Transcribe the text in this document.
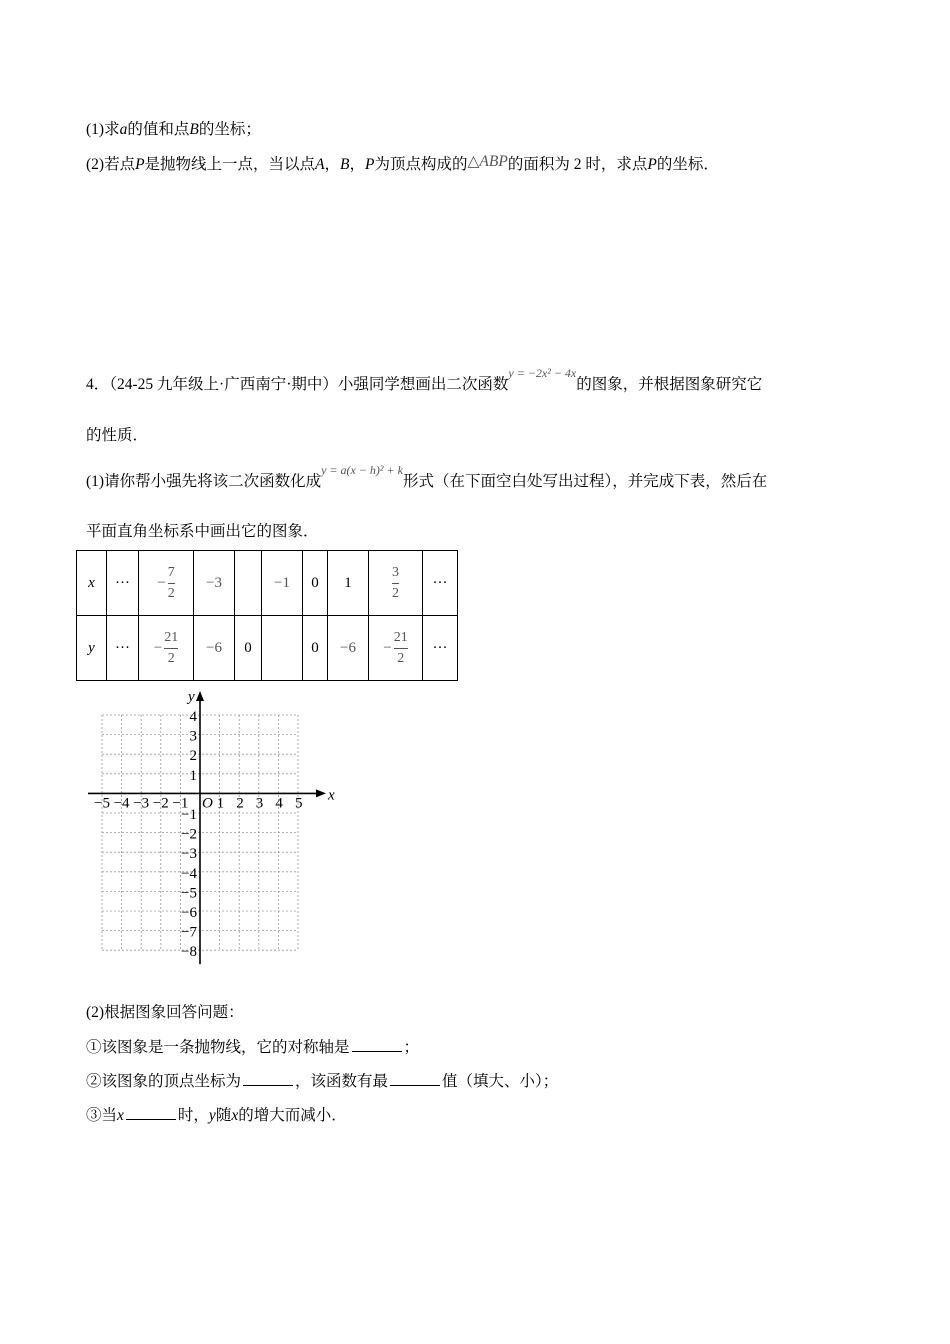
(1)求a的值和点B的坐标；
(2)若点P是抛物线上一点，当以点A，B，P为顶点构成的△ABP的面积为 2 时，求点P的坐标．
4．（24-25 九年级上·广西南宁·期中）小强同学想画出二次函数$^{y = -2x^2 - 4x}$的图象，并根据图象研究它
的性质．
(1)请你帮小强先将该二次函数化成$^{y = a(x - h)^2 + k}$形式（在下面空白处写出过程），并完成下表，然后在
平面直角坐标系中画出它的图象．
x	···	− $\frac{7}{2}$	−3		−1	0	1	$\frac{3}{2}$	···
y	···	− $\frac{21}{2}$	−6	0		0	−6	− $\frac{21}{2}$	···
x
y
O
−5 −4 −3 −2 −1 1 2 3 4 5
4
3
2
1
−1
−2
−3
−4
−5
−6
−7
−8
(2)根据图象回答问题：
①该图象是一条抛物线，它的对称轴是	；
②该图象的顶点坐标为	，该函数有最	值（填大、小）；
③当x	时，y随x的增大而减小．
